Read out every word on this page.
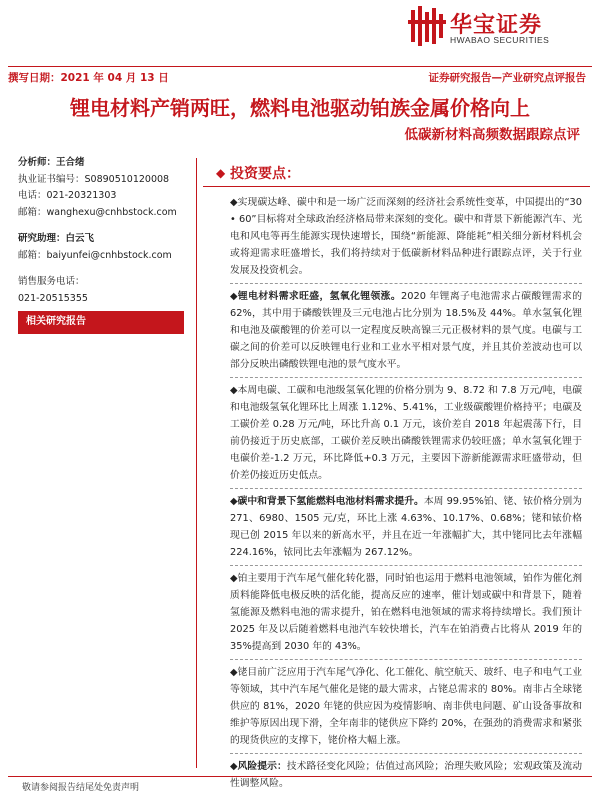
华宝证券
HWABAO SECURITIES
撰写日期：2021 年 04 月 13 日	证券研究报告—产业研究点评报告
锂电材料产销两旺，燃料电池驱动铂族金属价格向上
低碳新材料高频数据跟踪点评
分析师：王合绪
执业证书编号：S0890510120008
电话：021-20321303
邮箱：wanghexu@cnhbstock.com
研究助理：白云飞
邮箱：baiyunfei@cnhbstock.com
销售服务电话：
021-20515355
相关研究报告
◆ 投资要点：
◆实现碳达峰、碳中和是一场广泛而深刻的经济社会系统性变革，中国提出的“30 • 60”目标将对全球政治经济格局带来深刻的变化。碳中和背景下新能源汽车、光电和风电等再生能源实现快速增长，围绕“新能源、降能耗”相关细分新材料机会或将迎需求旺盛增长，我们将持续对于低碳新材料品种进行跟踪点评，关于行业发展及投资机会。
◆锂电材料需求旺盛，氢氧化锂领涨。2020 年锂离子电池需求占碳酸锂需求的 62%，其中用于磷酸铁锂及三元电池占比分别为 18.5%及 44%。单水氢氧化锂和电池及碳酸锂的价差可以一定程度反映高镍三元正极材料的景气度。电碳与工碳之间的价差可以反映锂电行业和工业水平相对景气度，并且其价差波动也可以部分反映出磷酸铁锂电池的景气度水平。
◆本周电碳、工碳和电池级氢氧化锂的价格分别为 9、8.72 和 7.8 万元/吨，电碳和电池级氢氧化锂环比上周涨 1.12%、5.41%，工业级碳酸锂价格持平；电碳及工碳价差 0.28 万元/吨，环比升高 0.1 万元，该价差自 2018 年起震荡下行，目前仍接近于历史底部，工碳价差反映出磷酸铁锂需求仍较旺盛；单水氢氧化锂于电碳价差-1.2 万元，环比降低+0.3 万元，主要因下游新能源需求旺盛带动，但价差仍接近历史低点。
◆碳中和背景下氢能燃料电池材料需求提升。本周 99.95%铂、铑、铱价格分别为 271、6980、1505 元/克，环比上涨 4.63%、10.17%、0.68%；铑和铱价格现已创 2015 年以来的新高水平，并且在近一年涨幅扩大，其中铑同比去年涨幅 224.16%，铱同比去年涨幅为 267.12%。
◆铂主要用于汽车尾气催化转化器，同时铂也运用于燃料电池领域，铂作为催化剂质料能降低电极反映的活化能，提高反应的速率，催计划或碳中和背景下，随着氢能源及燃料电池的需求提升，铂在燃料电池领域的需求将持续增长。我们预计 2025 年及以后随着燃料电池汽车较快增长，汽车在铂消费占比将从 2019 年的 35%提高到 2030 年的 43%。
◆铑目前广泛应用于汽车尾气净化、化工催化、航空航天、玻纤、电子和电气工业等领域，其中汽车尾气催化是铑的最大需求，占铑总需求的 80%。南非占全球铑供应的 81%，2020 年铑的供应因为疫情影响、南非供电问题、矿山设备事故和维护等原因出现下滑，全年南非的铑供应下降约 20%，在强劲的消费需求和紧张的现货供应的支撑下，铑价格大幅上涨。
◆风险提示：技术路径变化风险；估值过高风险；治理失败风险；宏观政策及流动性调整风险。
敬请参阅报告结尾处免责声明
